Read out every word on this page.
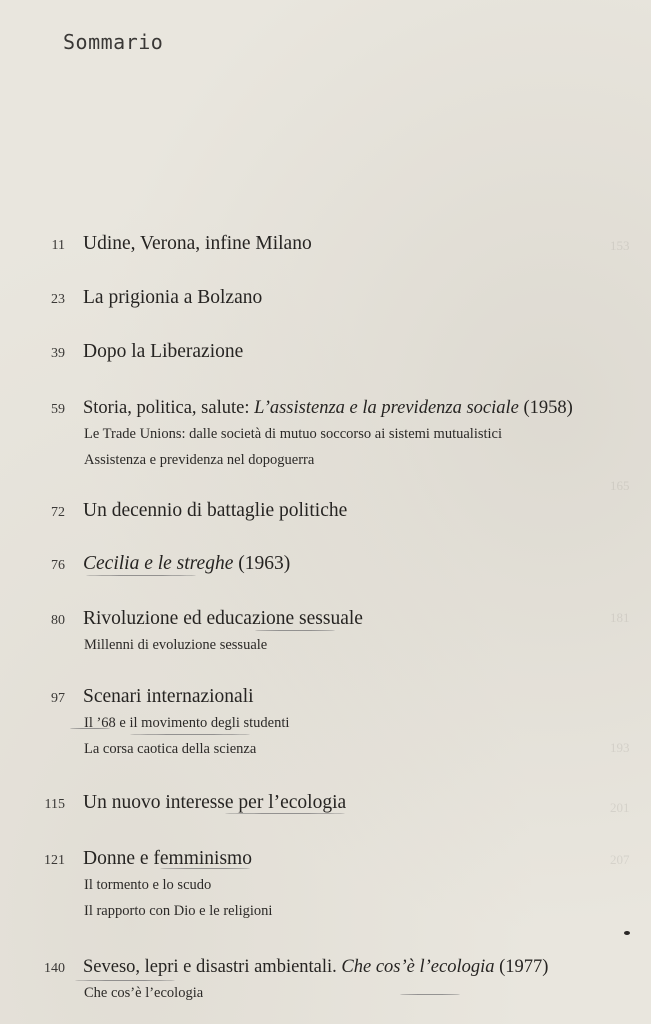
153
165
181
193
201
207
Sommario
11 Udine, Verona, infine Milano
23 La prigionia a Bolzano
39 Dopo la Liberazione
59 Storia, politica, salute: L’assistenza e la previdenza sociale (1958)
Le Trade Unions: dalle società di mutuo soccorso ai sistemi mutualistici
Assistenza e previdenza nel dopoguerra
72 Un decennio di battaglie politiche
76 Cecilia e le streghe (1963)
80 Rivoluzione ed educazione sessuale
Millenni di evoluzione sessuale
97 Scenari internazionali
Il ’68 e il movimento degli studenti
La corsa caotica della scienza
115 Un nuovo interesse per l’ecologia
121 Donne e femminismo
Il tormento e lo scudo
Il rapporto con Dio e le religioni
140 Seveso, lepri e disastri ambientali. Che cos’è l’ecologia (1977)
Che cos’è l’ecologia
